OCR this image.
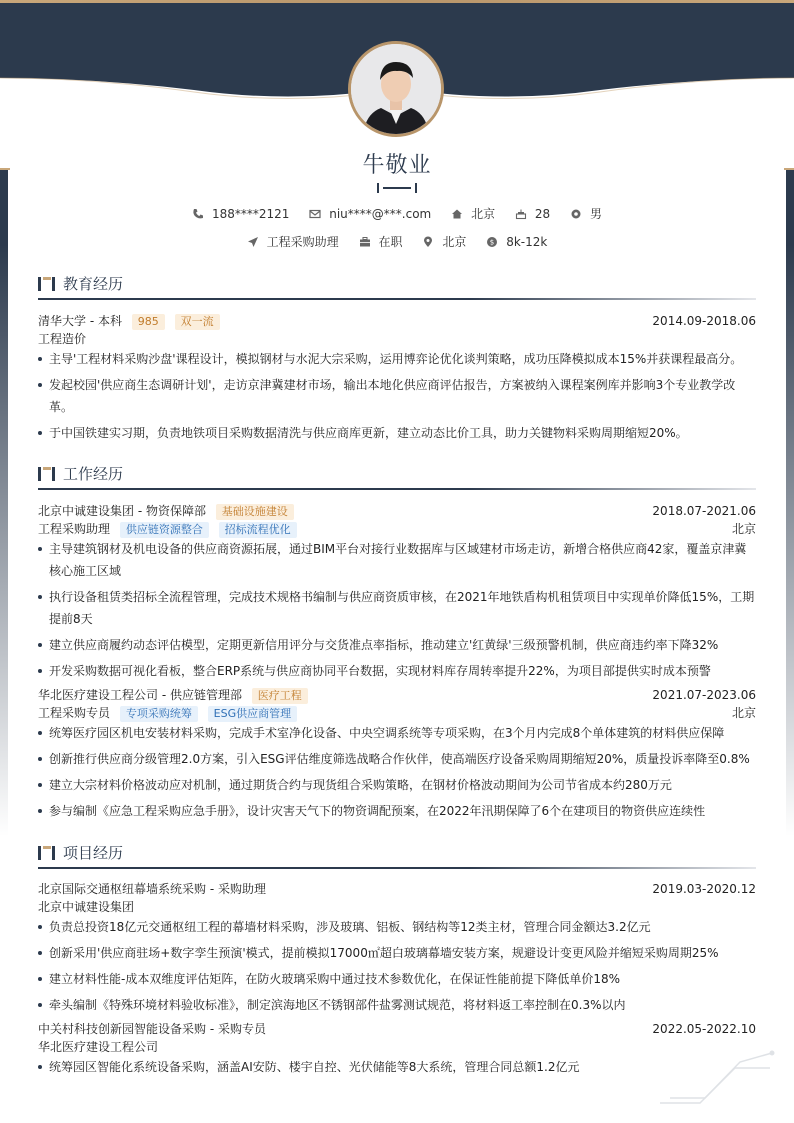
牛敬业
188****2121
	niu****@***.com
	北京
	28
	男
工程采购助理
	在职
	北京
	$ 8k-12k
教育经历
清华大学 - 本科 985 双一流	2014.09-2018.06
工程造价
主导'工程材料采购沙盘'课程设计，模拟钢材与水泥大宗采购，运用博弈论优化谈判策略，成功压降模拟成本15%并获课程最高分。
发起校园'供应商生态调研计划'，走访京津冀建材市场，输出本地化供应商评估报告，方案被纳入课程案例库并影响3个专业教学改革。
于中国铁建实习期，负责地铁项目采购数据清洗与供应商库更新，建立动态比价工具，助力关键物料采购周期缩短20%。
工作经历
北京中诚建设集团 - 物资保障部 基础设施建设	2018.07-2021.06
工程采购助理 供应链资源整合 招标流程优化	北京
主导建筑钢材及机电设备的供应商资源拓展，通过BIM平台对接行业数据库与区域建材市场走访，新增合格供应商42家，覆盖京津冀核心施工区域
执行设备租赁类招标全流程管理，完成技术规格书编制与供应商资质审核，在2021年地铁盾构机租赁项目中实现单价降低15%，工期提前8天
建立供应商履约动态评估模型，定期更新信用评分与交货准点率指标，推动建立'红黄绿'三级预警机制，供应商违约率下降32%
开发采购数据可视化看板，整合ERP系统与供应商协同平台数据，实现材料库存周转率提升22%，为项目部提供实时成本预警
华北医疗建设工程公司 - 供应链管理部 医疗工程	2021.07-2023.06
工程采购专员 专项采购统筹 ESG供应商管理	北京
统筹医疗园区机电安装材料采购，完成手术室净化设备、中央空调系统等专项采购，在3个月内完成8个单体建筑的材料供应保障
创新推行供应商分级管理2.0方案，引入ESG评估维度筛选战略合作伙伴，使高端医疗设备采购周期缩短20%，质量投诉率降至0.8%
建立大宗材料价格波动应对机制，通过期货合约与现货组合采购策略，在钢材价格波动期间为公司节省成本约280万元
参与编制《应急工程采购应急手册》，设计灾害天气下的物资调配预案，在2022年汛期保障了6个在建项目的物资供应连续性
项目经历
北京国际交通枢纽幕墙系统采购 - 采购助理	2019.03-2020.12
北京中诚建设集团
负责总投资18亿元交通枢纽工程的幕墙材料采购，涉及玻璃、铝板、钢结构等12类主材，管理合同金额达3.2亿元
创新采用'供应商驻场+数字孪生预演'模式，提前模拟17000㎡超白玻璃幕墙安装方案，规避设计变更风险并缩短采购周期25%
建立材料性能-成本双维度评估矩阵，在防火玻璃采购中通过技术参数优化，在保证性能前提下降低单价18%
牵头编制《特殊环境材料验收标准》，制定滨海地区不锈钢部件盐雾测试规范，将材料返工率控制在0.3%以内
中关村科技创新园智能设备采购 - 采购专员	2022.05-2022.10
华北医疗建设工程公司
统筹园区智能化系统设备采购，涵盖AI安防、楼宇自控、光伏储能等8大系统，管理合同总额1.2亿元
